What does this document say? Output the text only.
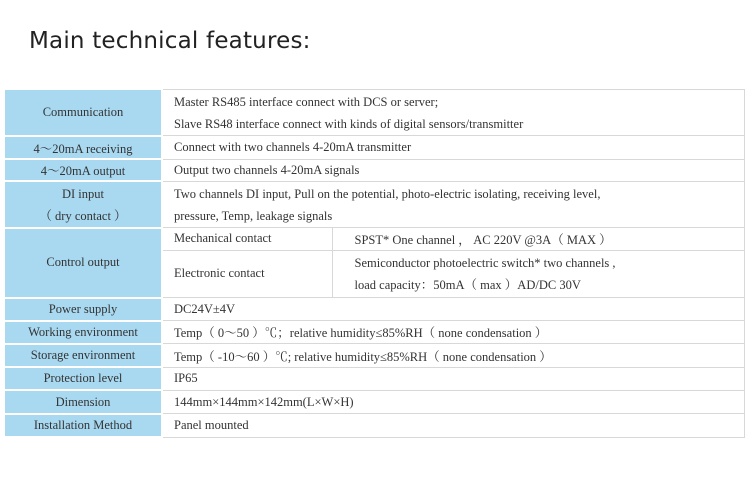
Main technical features:
Communication	Master RS485 interface connect with DCS or server;
Slave RS48 interface connect with kinds of digital sensors/transmitter	

4～20mA receiving	Connect with two channels 4-20mA transmitter	
4～20mA output	Output two channels 4-20mA signals	

DI input
（ dry contact ）	Two channels DI input, Pull on the potential, photo-electric isolating, receiving level,
pressure, Temp, leakage signals	

Control output	Mechanical contact	SPST* One channel ， AC 220V @3A（ MAX ）
	Electronic contact	Semiconductor photoelectric switch* two channels ,
load capacity：50mA（ max ）AD/DC 30V

Power supply	DC24V±4V	
Working environment	Temp（ 0～50 ）℃；relative humidity≤85%RH（ none condensation ）	
Storage environment	Temp（ -10～60 ）℃; relative humidity≤85%RH（ none condensation ）	
Protection level	IP65	
Dimension	144mm×144mm×142mm(L×W×H)	
Installation Method	Panel mounted	
